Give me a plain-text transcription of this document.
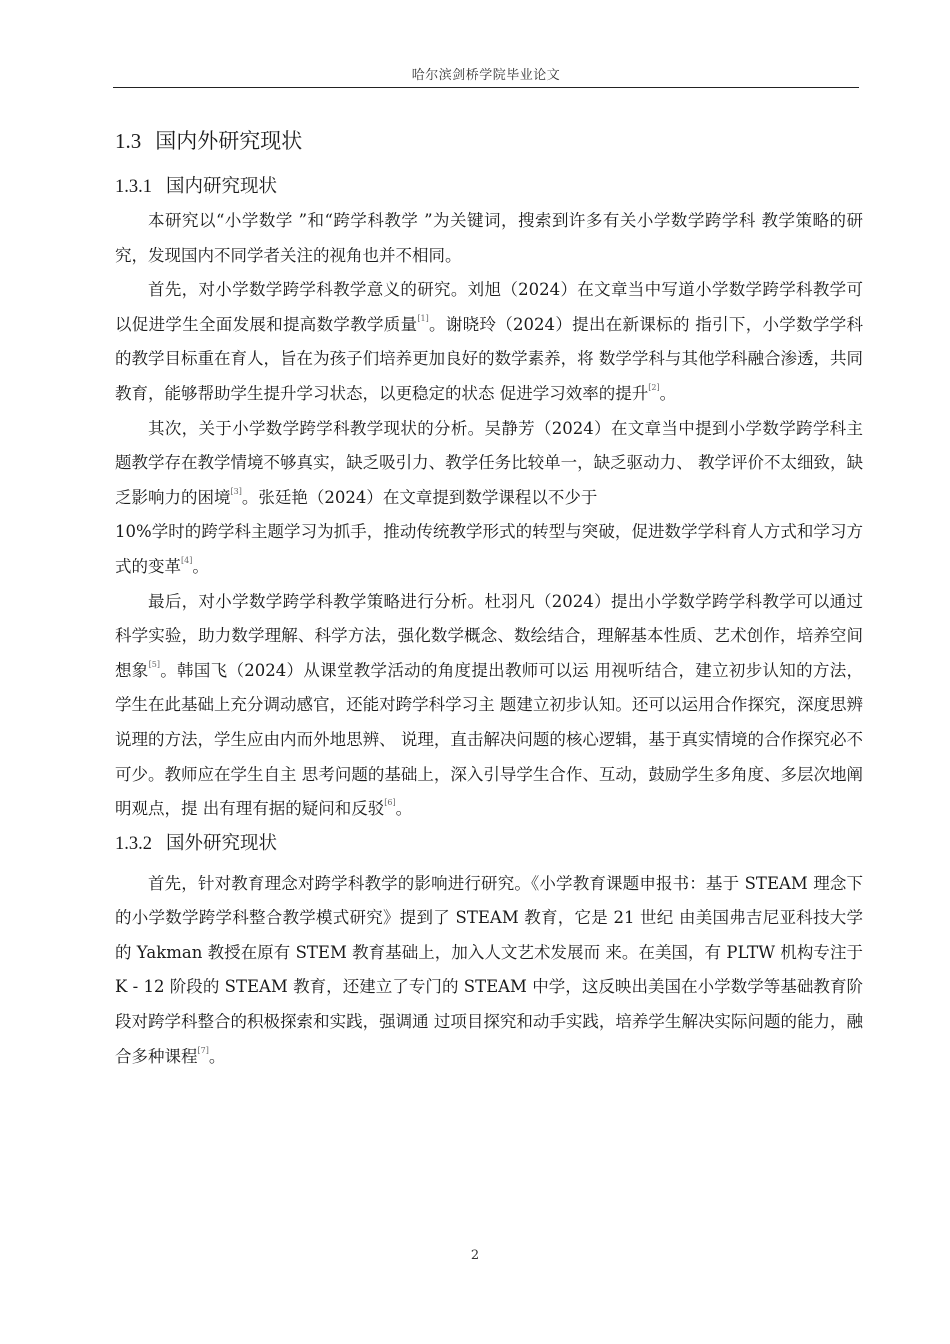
哈尔滨剑桥学院毕业论文
1.3 国内外研究现状
1.3.1 国内研究现状

本研究以“小学数学 ”和“跨学科教学 ”为关键词，搜索到许多有关小学数学跨学科 教学策略的研究，发现国内不同学者关注的视角也并不相同。

首先，对小学数学跨学科教学意义的研究。刘旭（2024）在文章当中写道小学数学跨学科教学可以促进学生全面发展和提高数学教学质量[1]。谢晓玲（2024）提出在新课标的 指引下，小学数学学科的教学目标重在育人，旨在为孩子们培养更加良好的数学素养，将 数学学科与其他学科融合渗透，共同教育，能够帮助学生提升学习状态，以更稳定的状态 促进学习效率的提升[2]。

其次，关于小学数学跨学科教学现状的分析。吴静芳（2024）在文章当中提到小学数学跨学科主题教学存在教学情境不够真实，缺乏吸引力、教学任务比较单一，缺乏驱动力、 教学评价不太细致，缺乏影响力的困境[3]。张廷艳（2024）在文章提到数学课程以不少于

10%学时的跨学科主题学习为抓手，推动传统教学形式的转型与突破，促进数学学科育人方式和学习方式的变革[4]。

最后，对小学数学跨学科教学策略进行分析。杜羽凡（2024）提出小学数学跨学科教学可以通过科学实验，助力数学理解、科学方法，强化数学概念、数绘结合，理解基本性质、艺术创作，培养空间想象[5]。韩国飞（2024）从课堂教学活动的角度提出教师可以运 用视听结合，建立初步认知的方法，学生在此基础上充分调动感官，还能对跨学科学习主 题建立初步认知。还可以运用合作探究，深度思辨说理的方法，学生应由内而外地思辨、 说理，直击解决问题的核心逻辑，基于真实情境的合作探究必不可少。教师应在学生自主 思考问题的基础上，深入引导学生合作、互动，鼓励学生多角度、多层次地阐明观点，提 出有理有据的疑问和反驳[6]。

1.3.2 国外研究现状

首先，针对教育理念对跨学科教学的影响进行研究。《小学教育课题申报书：基于 STEAM 理念下的小学数学跨学科整合教学模式研究》提到了 STEAM 教育，它是 21 世纪 由美国弗吉尼亚科技大学的 Yakman 教授在原有 STEM 教育基础上，加入人文艺术发展而 来。在美国，有 PLTW 机构专注于 K - 12 阶段的 STEAM 教育，还建立了专门的 STEAM 中学，这反映出美国在小学数学等基础教育阶段对跨学科整合的积极探索和实践，强调通 过项目探究和动手实践，培养学生解决实际问题的能力，融合多种课程[7]。

2
